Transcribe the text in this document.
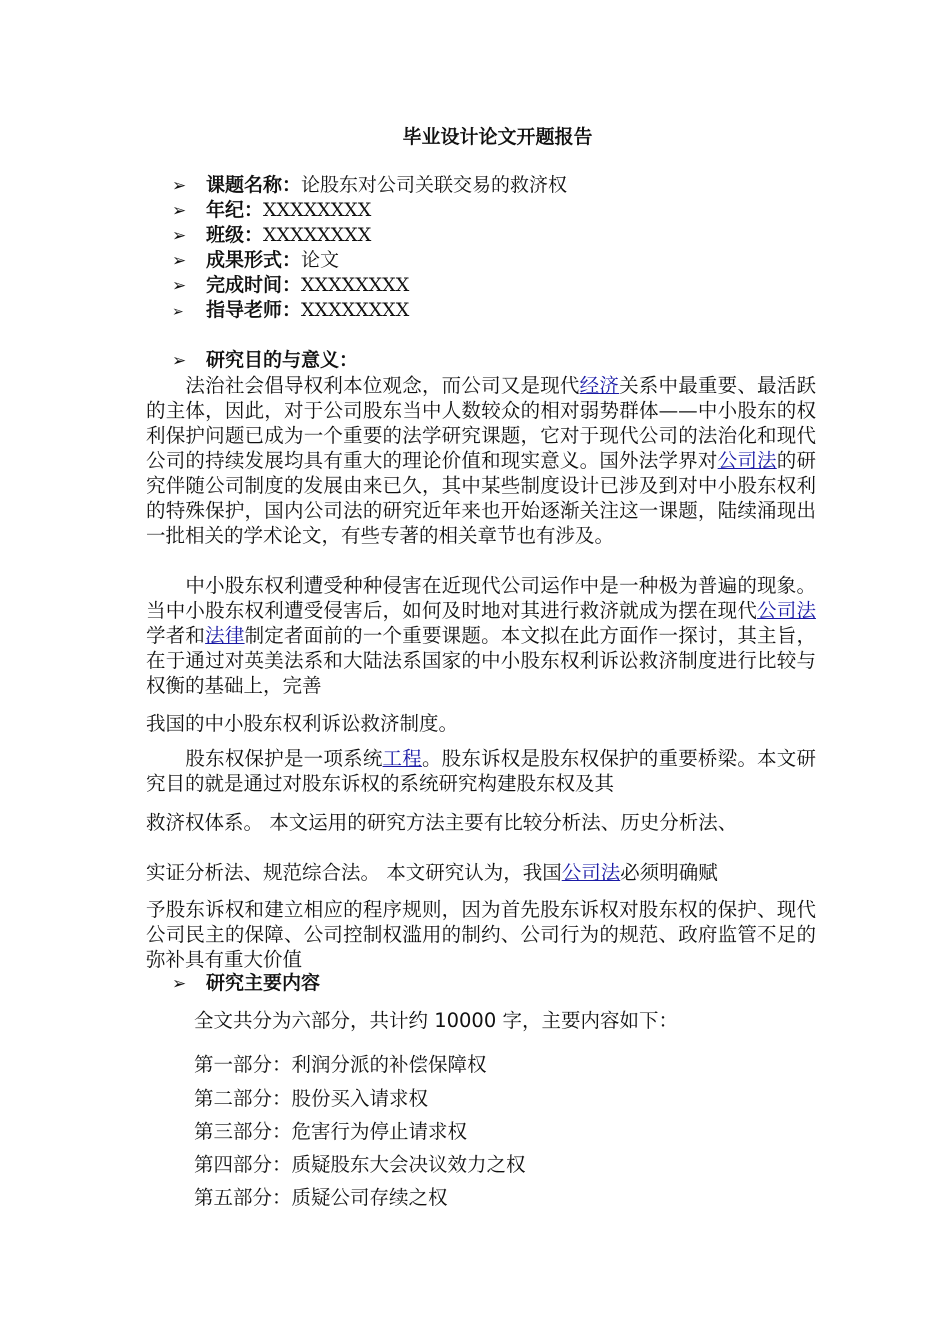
毕业设计论文开题报告
➢ 课题名称：论股东对公司关联交易的救济权
➢ 年纪：XXXXXXXX
➢ 班级：XXXXXXXX
➢ 成果形式：论文
➢ 完成时间：XXXXXXXX
➢ 指导老师：XXXXXXXX
➢ 研究目的与意义：
　　法治社会倡导权利本位观念，而公司又是现代经济关系中最重要、最活跃的主体，因此，对于公司股东当中人数较众的相对弱势群体——中小股东的权利保护问题已成为一个重要的法学研究课题，它对于现代公司的法治化和现代公司的持续发展均具有重大的理论价值和现实意义。国外法学界对公司法的研究伴随公司制度的发展由来已久，其中某些制度设计已涉及到对中小股东权利的特殊保护，国内公司法的研究近年来也开始逐渐关注这一课题，陆续涌现出一批相关的学术论文，有些专著的相关章节也有涉及。
　　中小股东权利遭受种种侵害在近现代公司运作中是一种极为普遍的现象。当中小股东权利遭受侵害后，如何及时地对其进行救济就成为摆在现代公司法学者和法律制定者面前的一个重要课题。本文拟在此方面作一探讨，其主旨，在于通过对英美法系和大陆法系国家的中小股东权利诉讼救济制度进行比较与权衡的基础上，完善
我国的中小股东权利诉讼救济制度。
　　股东权保护是一项系统工程。股东诉权是股东权保护的重要桥梁。本文研究目的就是通过对股东诉权的系统研究构建股东权及其
救济权体系。 本文运用的研究方法主要有比较分析法、历史分析法、
实证分析法、规范综合法。 本文研究认为，我国公司法必须明确赋
予股东诉权和建立相应的程序规则，因为首先股东诉权对股东权的保护、现代公司民主的保障、公司控制权滥用的制约、公司行为的规范、政府监管不足的弥补具有重大价值
➢ 研究主要内容
全文共分为六部分，共计约 10000 字，主要内容如下：
第一部分：利润分派的补偿保障权
第二部分：股份买入请求权
第三部分：危害行为停止请求权
第四部分：质疑股东大会决议效力之权
第五部分：质疑公司存续之权
